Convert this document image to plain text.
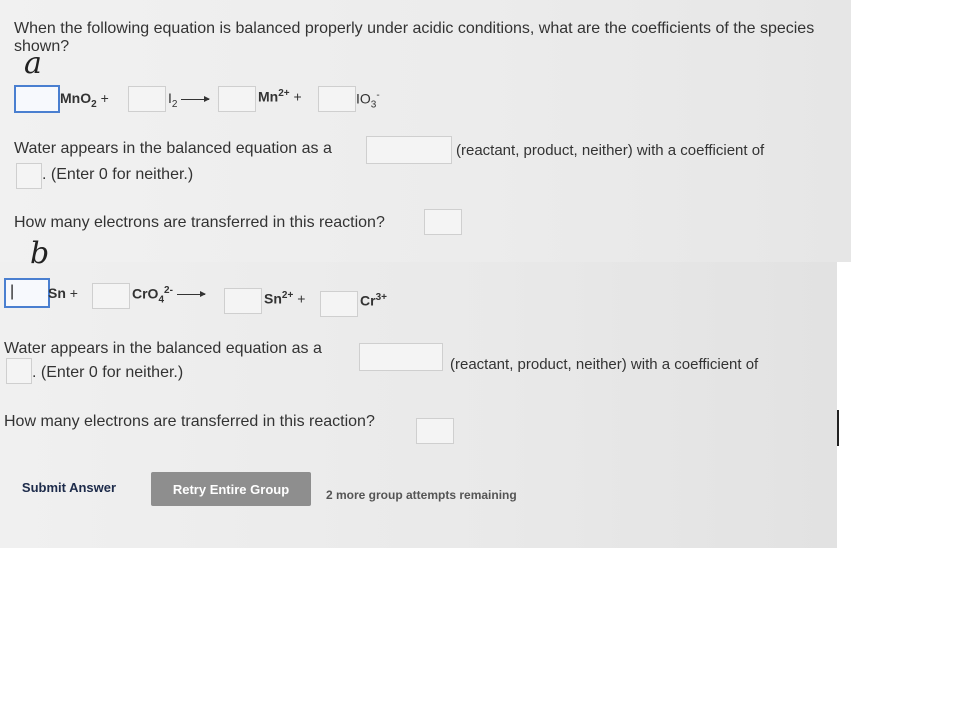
When the following equation is balanced properly under acidic conditions, what are the coefficients of the species shown?
a
MnO$_2$ +	$I_2$ →	$Mn^{2+}$ +	$IO_3^-$
Water appears in the balanced equation as a	(reactant, product, neither) with a coefficient of
. (Enter 0 for neither.)
How many electrons are transferred in this reaction?
b
| Sn +	CrO$_4^{2-}$
$Sn^{2+}$ +	$Cr^{3+}$
Water appears in the balanced equation as a
(reactant, product, neither) with a coefficient of
. (Enter 0 for neither.)
How many electrons are transferred in this reaction?
Submit Answer	Retry Entire Group	2 more group attempts remaining
